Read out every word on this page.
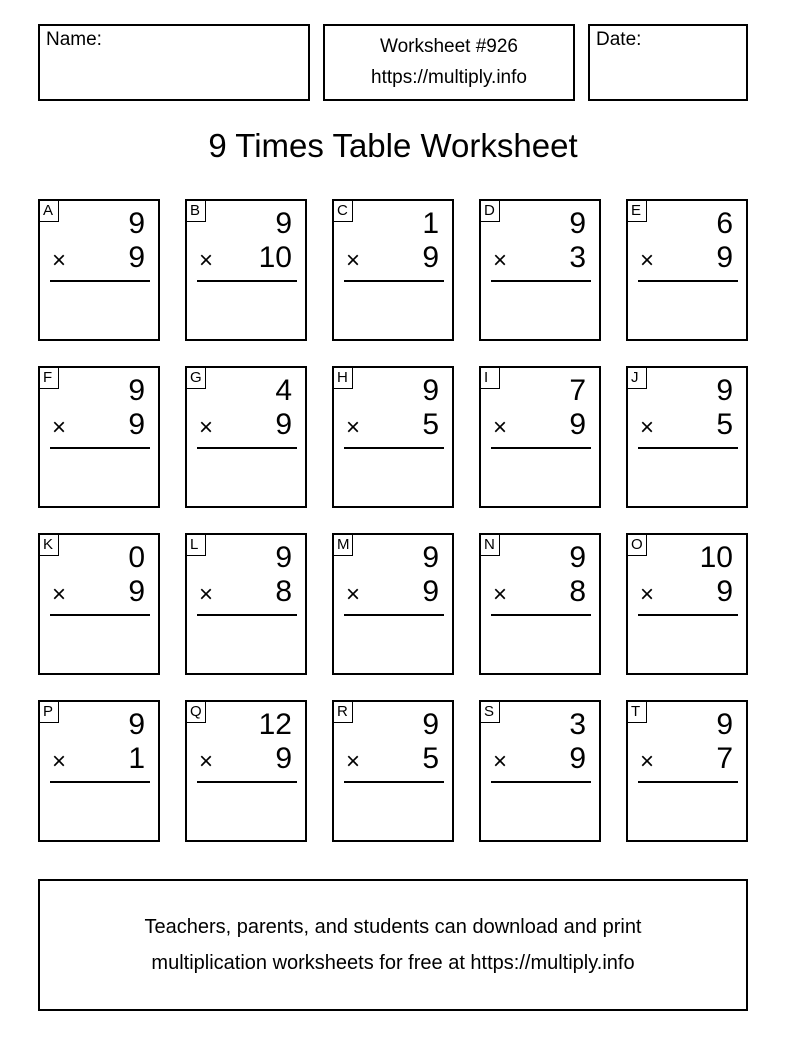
Name:	Worksheet #926
https://multiply.info
Date:
9 Times Table Worksheet
A	9
× 9
B	9
× 10
C 1
× 9
D 9
× 3
E	6
× 9
F	9
× 9
G 4
× 9
H 9
× 5
I	7
× 9
J	9
× 5
K	0
× 9
L	9
× 8
M 9
× 9
N 9
× 8
O 10
× 9
P	9
× 1
Q 12
× 9
R 9
× 5
S	3
× 9
T	9
× 7
Teachers, parents, and students can download and print
multiplication worksheets for free at https://multiply.info
